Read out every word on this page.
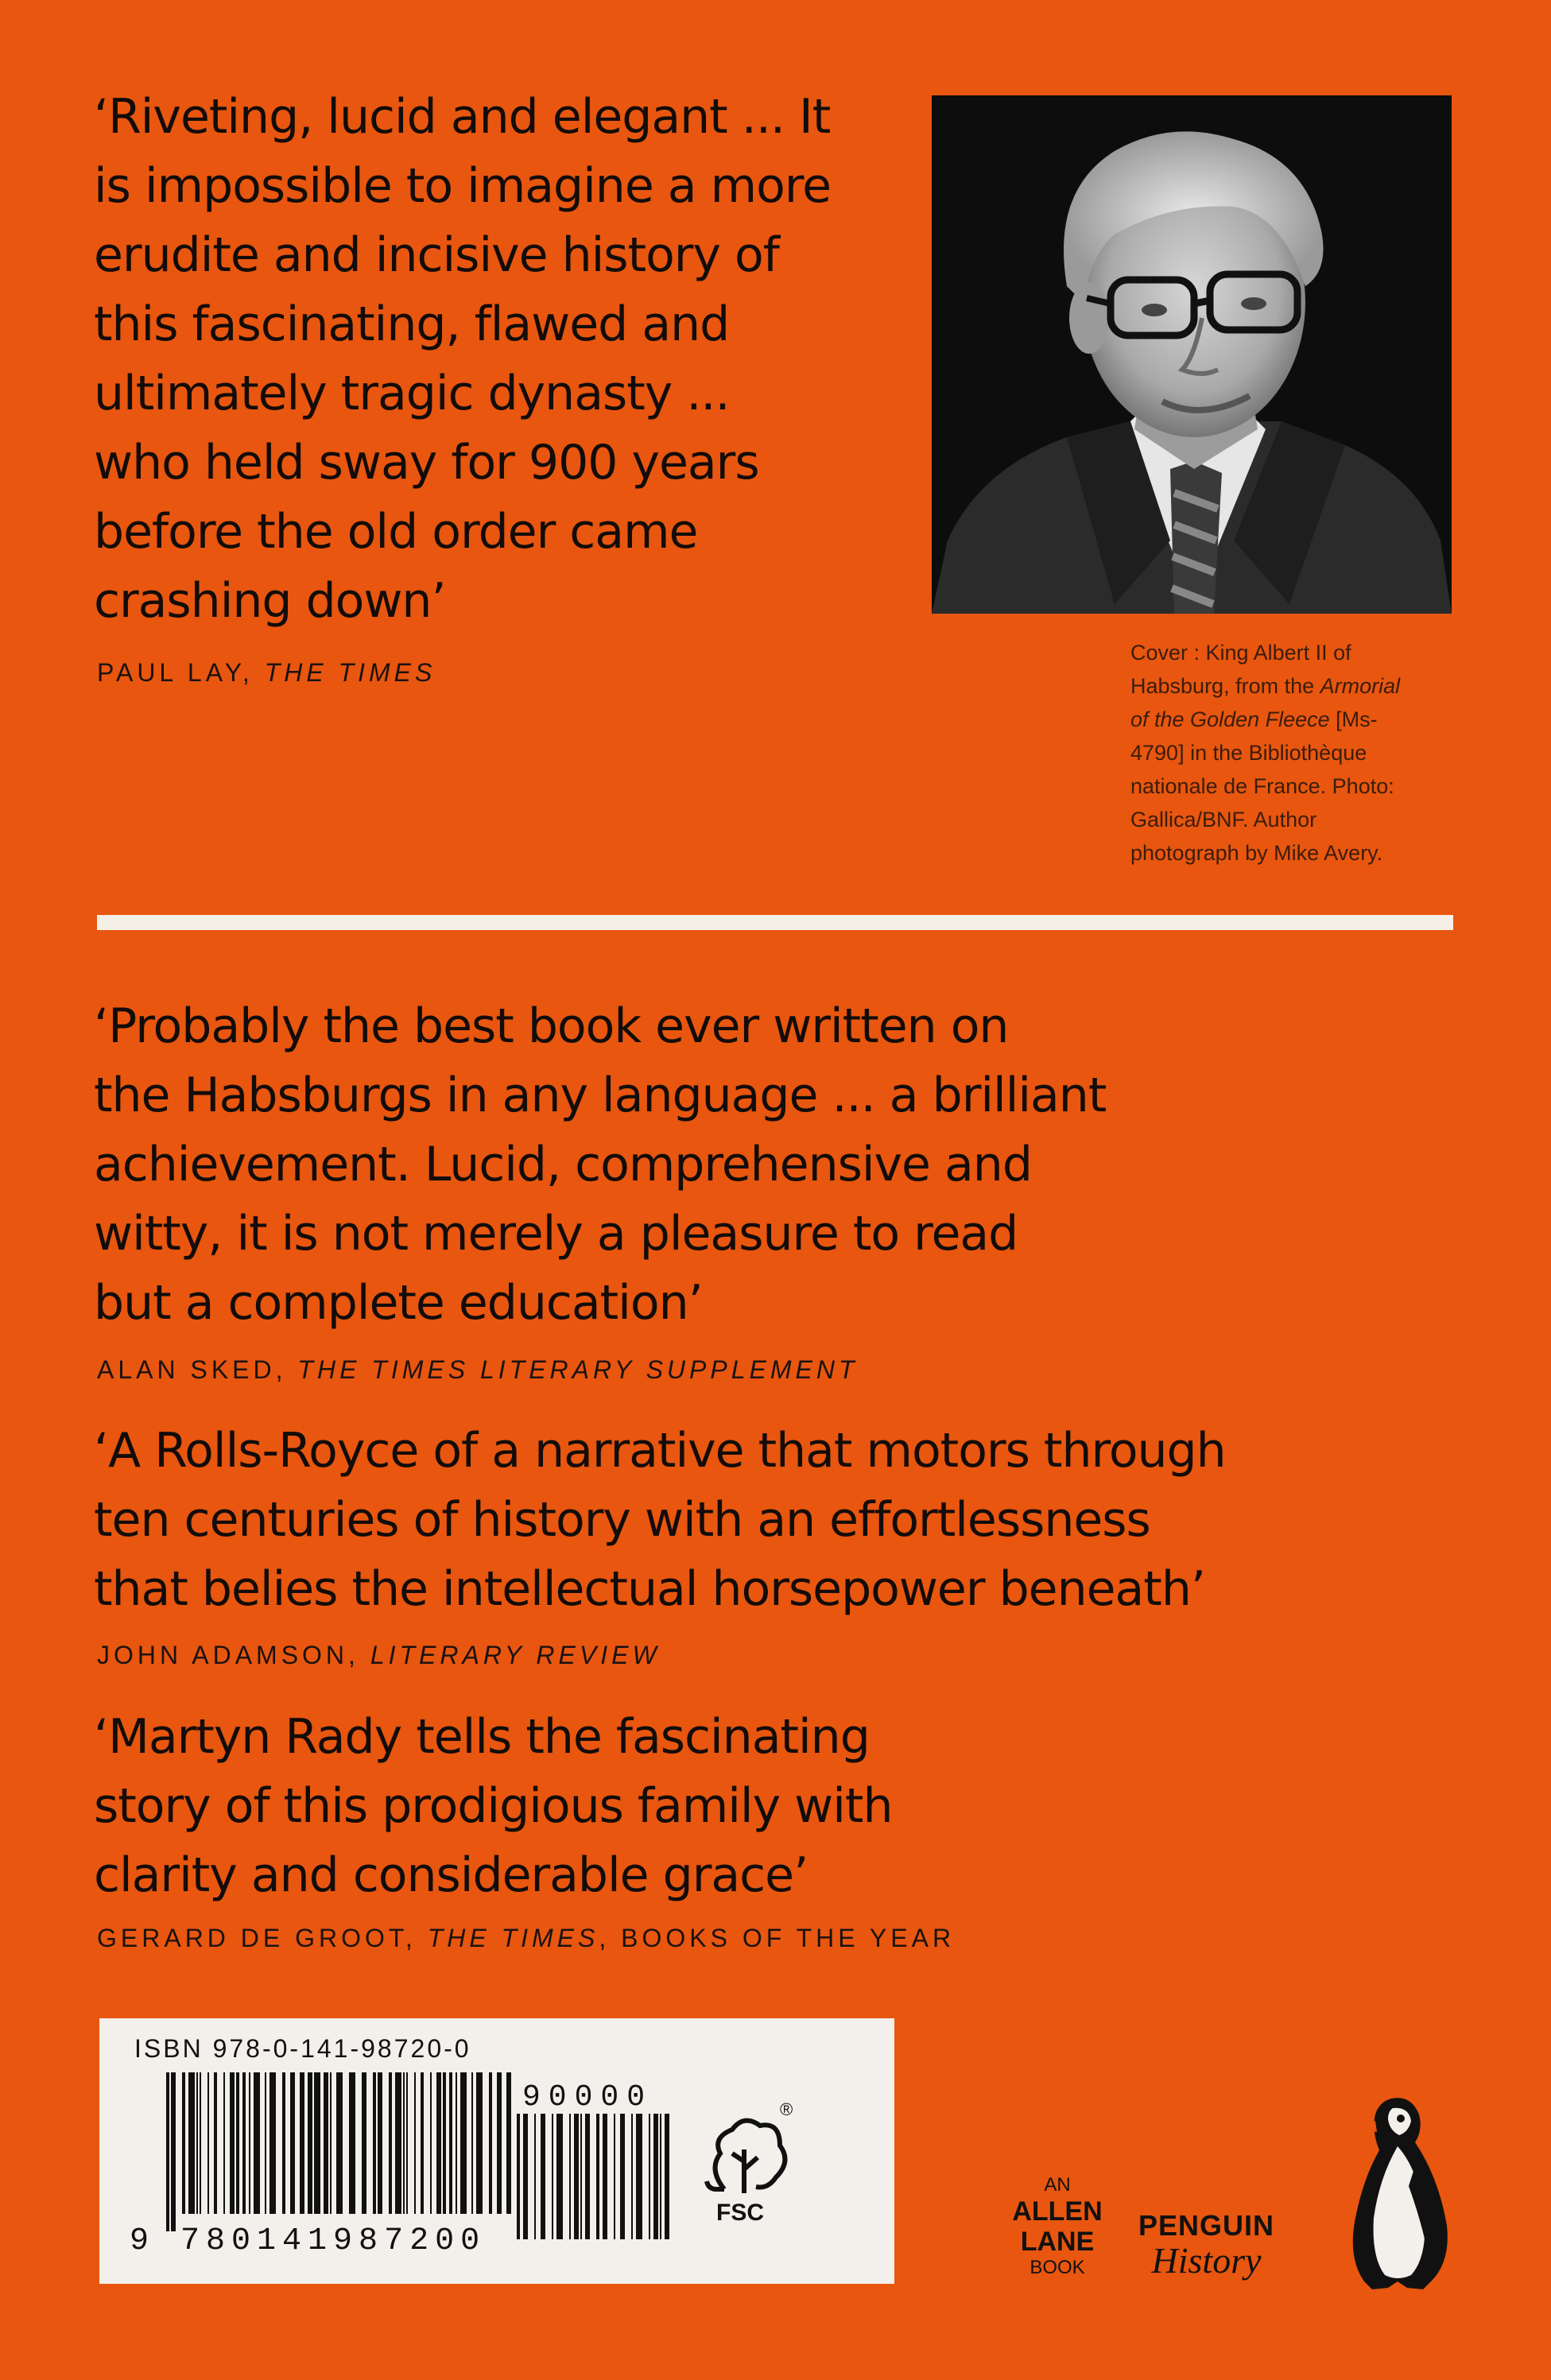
‘Riveting, lucid and elegant ... It
is impossible to imagine a more
erudite and incisive history of
this fascinating, flawed and
ultimately tragic dynasty ...
who held sway for 900 years
before the old order came
crashing down’
PAUL LAY, THE TIMES
Cover : King Albert II of
Habsburg, from the Armorial
of the Golden Fleece [Ms-
4790] in the Bibliothèque
nationale de France. Photo:
Gallica/BNF. Author
photograph by Mike Avery.
‘Probably the best book ever written on
the Habsburgs in any language ... a brilliant
achievement. Lucid, comprehensive and
witty, it is not merely a pleasure to read
but a complete education’
ALAN SKED, THE TIMES LITERARY SUPPLEMENT
‘A Rolls-Royce of a narrative that motors through
ten centuries of history with an effortlessness
that belies the intellectual horsepower beneath’
JOHN ADAMSON, LITERARY REVIEW
‘Martyn Rady tells the fascinating
story of this prodigious family with
clarity and considerable grace’
GERARD DE GROOT, THE TIMES, BOOKS OF THE YEAR
ISBN 978-0-141-98720-0
9 780141987200
90000	®
FSC
AN
ALLEN
LANE
BOOK
PENGUIN
History
